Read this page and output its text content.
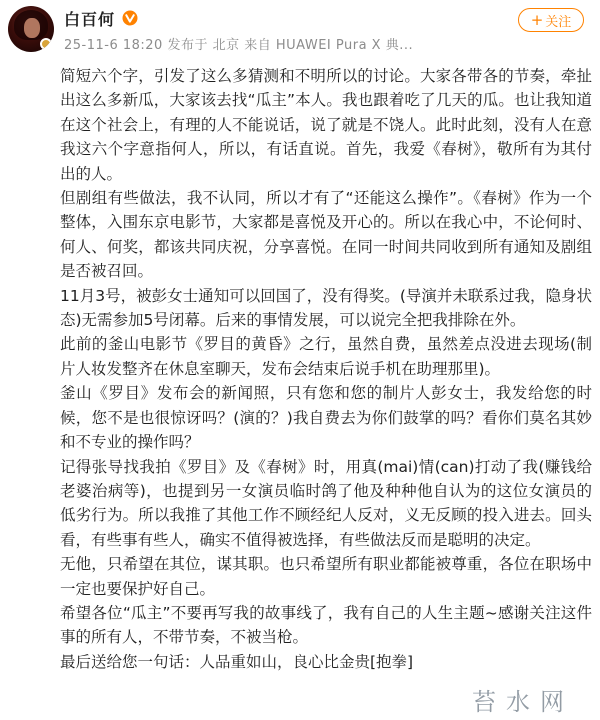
白百何
25-11-6 18:20 发布于 北京 来自 HUAWEI Pura X 典...
+ 关注

简短六个字，引发了这么多猜测和不明所以的讨论。大家各带各的节奏，牵扯出这么多新瓜，大家该去找“瓜主”本人。我也跟着吃了几天的瓜。也让我知道在这个社会上，有理的人不能说话，说了就是不饶人。此时此刻，没有人在意我这六个字意指何人，所以，有话直说。首先，我爱《春树》，敬所有为其付出的人。

但剧组有些做法，我不认同，所以才有了“还能这么操作”。《春树》作为一个整体，入围东京电影节，大家都是喜悦及开心的。所以在我心中，不论何时、何人、何奖，都该共同庆祝，分享喜悦。在同一时间共同收到所有通知及剧组是否被召回。

11月3号，被彭女士通知可以回国了，没有得奖。(导演并未联系过我，隐身状态)无需参加5号闭幕。后来的事情发展，可以说完全把我排除在外。

此前的釜山电影节《罗目的黄昏》之行，虽然自费，虽然差点没进去现场(制片人妆发整齐在休息室聊天，发布会结束后说手机在助理那里)。

釜山《罗目》发布会的新闻照，只有您和您的制片人彭女士，我发给您的时候，您不是也很惊讶吗？(演的？)我自费去为你们鼓掌的吗？看你们莫名其妙和不专业的操作吗？

记得张导找我拍《罗目》及《春树》时，用真(mai)情(can)打动了我(赚钱给老婆治病等)，也提到另一女演员临时鸽了他及种种他自认为的这位女演员的低劣行为。所以我推了其他工作不顾经纪人反对，义无反顾的投入进去。回头看，有些事有些人，确实不值得被选择，有些做法反而是聪明的决定。

无他，只希望在其位，谋其职。也只希望所有职业都能被尊重，各位在职场中一定也要保护好自己。

希望各位“瓜主”不要再写我的故事线了，我有自己的人生主题~感谢关注这件事的所有人，不带节奏，不被当枪。

最后送给您一句话：人品重如山，良心比金贵[抱拳]

苔水网
